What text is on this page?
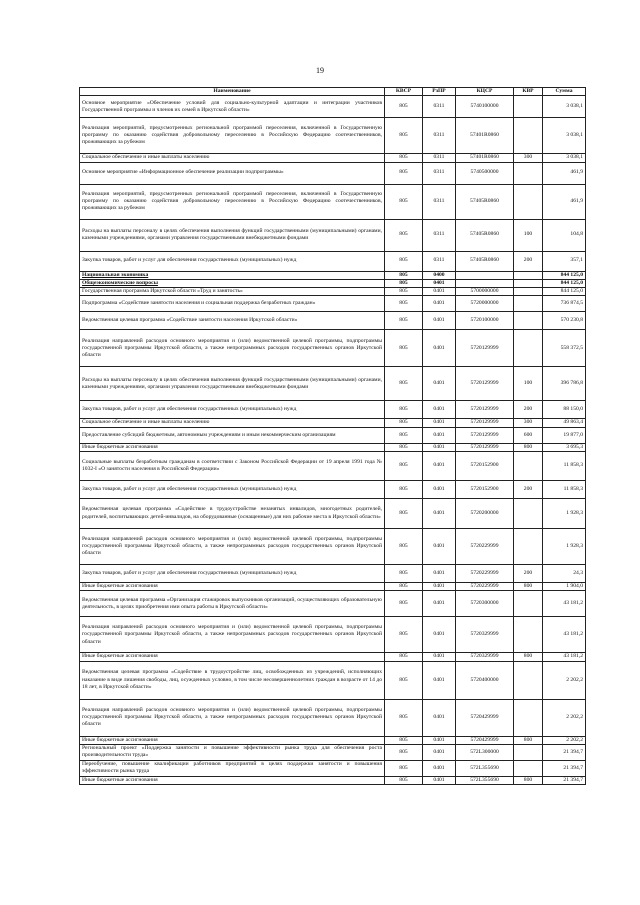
19
Наименование	КВСР	РзПР	КЦСР	КВР	Сумма
Основное мероприятие «Обеспечение условий для социально-культурной адаптации и интеграции участников Государственной программы и членов их семей в Иркутской области»	805	0311	5740100000		3 038,1
Реализация мероприятий, предусмотренных региональной программой переселения, включенной в Государственную программу по оказанию содействия добровольному переселению в Российскую Федерацию соотечественников, проживающих за рубежом	805	0311	57401R0860		3 038,1
Социальное обеспечение и иные выплаты населению	805	0311	57401R0860	300	3 038,1
Основное мероприятие «Информационное обеспечение реализации подпрограммы»	805	0311	5740500000		461,9
Реализация мероприятий, предусмотренных региональной программой переселения, включенной в Государственную программу по оказанию содействия добровольному переселению в Российскую Федерацию соотечественников, проживающих за рубежом	805	0311	57405R0860		461,9
Расходы на выплаты персоналу в целях обеспечения выполнения функций государственными (муниципальными) органами, казенными учреждениями, органами управления государственными внебюджетными фондами	805	0311	57405R0860	100	104,8
Закупка товаров, работ и услуг для обеспечения государственных (муниципальных) нужд	805	0311	57405R0860	200	357,1
Национальная экономика	805	0400			844 125,0
Общеэкономические вопросы	805	0401			844 125,0
Государственная программа Иркутской области «Труд и занятость»	805	0401	5700000000		844 125,0
Подпрограмма «Содействие занятости населения и социальная поддержка безработных граждан»	805	0401	5720000000		736 874,5
Ведомственная целевая программа «Содействие занятости населения Иркутской области»	805	0401	5720100000		570 230,8
Реализация направлений расходов основного мероприятия и (или) ведомственной целевой программы, подпрограммы государственной программы Иркутской области, а также непрограммных расходов государственных органов Иркутской области	805	0401	5720129999		558 372,5
Расходы на выплаты персоналу в целях обеспечения выполнения функций государственными (муниципальными) органами, казенными учреждениями, органами управления государственными внебюджетными фондами	805	0401	5720129999	100	396 786,8
Закупка товаров, работ и услуг для обеспечения государственных (муниципальных) нужд	805	0401	5720129999	200	88 150,0
Социальное обеспечение и иные выплаты населению	805	0401	5720129999	300	49 863,4
Предоставление субсидий бюджетным, автономным учреждениям и иным некоммерческим организациям	805	0401	5720129999	600	19 877,0
Иные бюджетные ассигнования	805	0401	5720129999	800	3 695,3
Социальные выплаты безработным гражданам в соответствии с Законом Российской Федерации от 19 апреля 1991 года № 1032-I «О занятости населения в Российской Федерации»	805	0401	5720152900		11 858,3
Закупка товаров, работ и услуг для обеспечения государственных (муниципальных) нужд	805	0401	5720152900	200	11 858,3
Ведомственная целевая программа «Содействие в трудоустройстве незанятых инвалидов, многодетных родителей, родителей, воспитывающих детей-инвалидов, на оборудованные (оснащенные) для них рабочие места в Иркутской области»	805	0401	5720200000		1 928,3
Реализация направлений расходов основного мероприятия и (или) ведомственной целевой программы, подпрограммы государственной программы Иркутской области, а также непрограммных расходов государственных органов Иркутской области	805	0401	5720229999		1 928,3
Закупка товаров, работ и услуг для обеспечения государственных (муниципальных) нужд	805	0401	5720229999	200	24,3
Иные бюджетные ассигнования	805	0401	5720229999	800	1 904,0
Ведомственная целевая программа «Организация стажировок выпускников организаций, осуществляющих образовательную деятельность, в целях приобретения ими опыта работы в Иркутской области»	805	0401	5720300000		43 181,2
Реализация направлений расходов основного мероприятия и (или) ведомственной целевой программы, подпрограммы государственной программы Иркутской области, а также непрограммных расходов государственных органов Иркутской области	805	0401	5720329999		43 181,2
Иные бюджетные ассигнования	805	0401	5720329999	800	43 181,2
Ведомственная целевая программа «Содействие в трудоустройстве лиц, освобожденных из учреждений, исполняющих наказание в виде лишения свободы, лиц, осужденных условно, в том числе несовершеннолетних граждан в возрасте от 14 до 18 лет, в Иркутской области»	805	0401	5720400000		2 202,2
Реализация направлений расходов основного мероприятия и (или) ведомственной целевой программы, подпрограммы государственной программы Иркутской области, а также непрограммных расходов государственных органов Иркутской области	805	0401	5720429999		2 202,2
Иные бюджетные ассигнования	805	0401	5720429999	800	2 202,2
Региональный проект «Поддержка занятости и повышение эффективности рынка труда для обеспечения роста производительности труда»	805	0401	572L300000		21 394,7
Переобучение, повышение квалификации работников предприятий в целях поддержки занятости и повышения эффективности рынка труда	805	0401	572L355690		21 394,7
Иные бюджетные ассигнования	805	0401	572L355690	800	21 394,7
